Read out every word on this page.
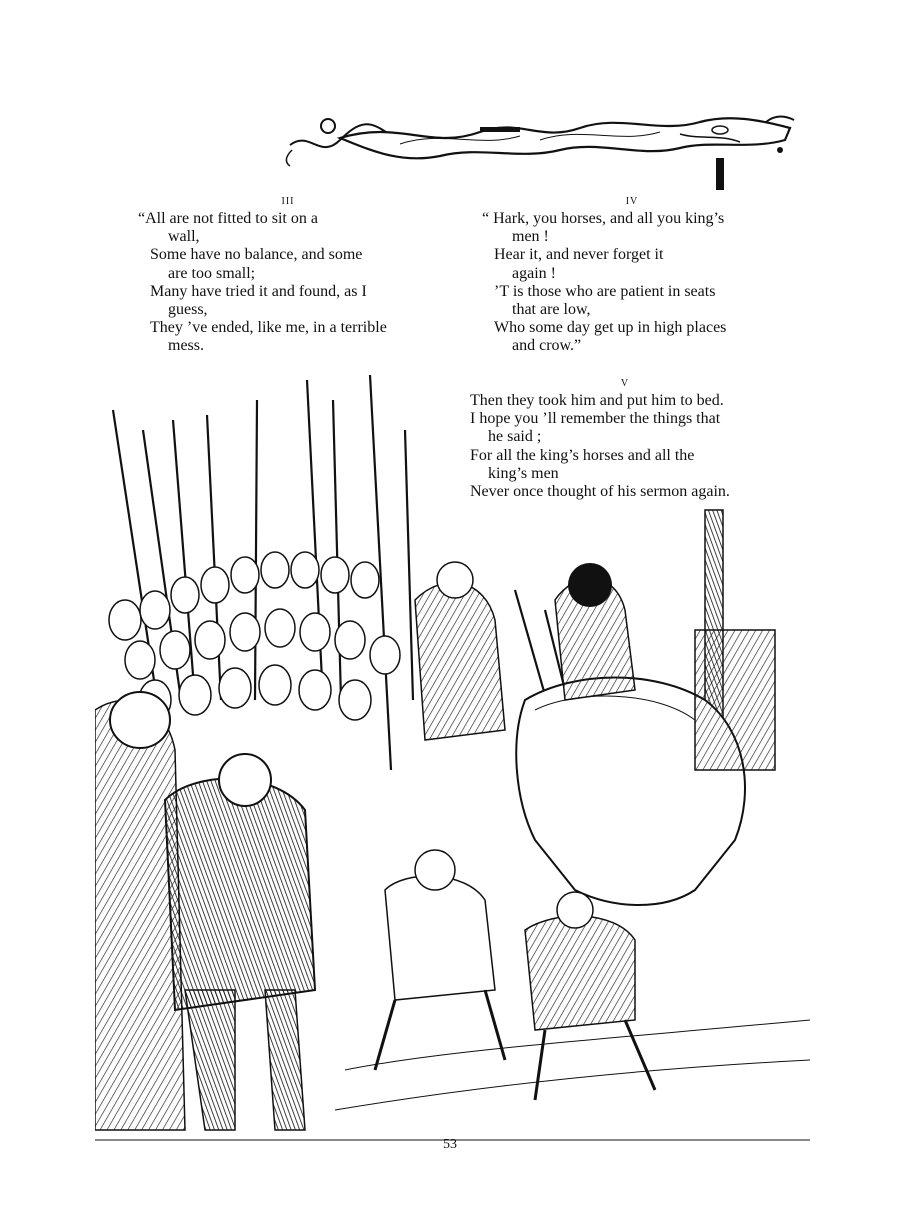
III
“All are not fitted to sit on a
wall,
Some have no balance, and some
are too small;
Many have tried it and found, as I
guess,
They ’ve ended, like me, in a terrible
mess.
IV
“ Hark, you horses, and all you king’s
men !
Hear it, and never forget it
again !
’T is those who are patient in seats
that are low,
Who some day get up in high places
and crow.”
V
Then they took him and put him to bed.
I hope you ’ll remember the things that
he said ;
For all the king’s horses and all the
king’s men
Never once thought of his sermon again.
53
